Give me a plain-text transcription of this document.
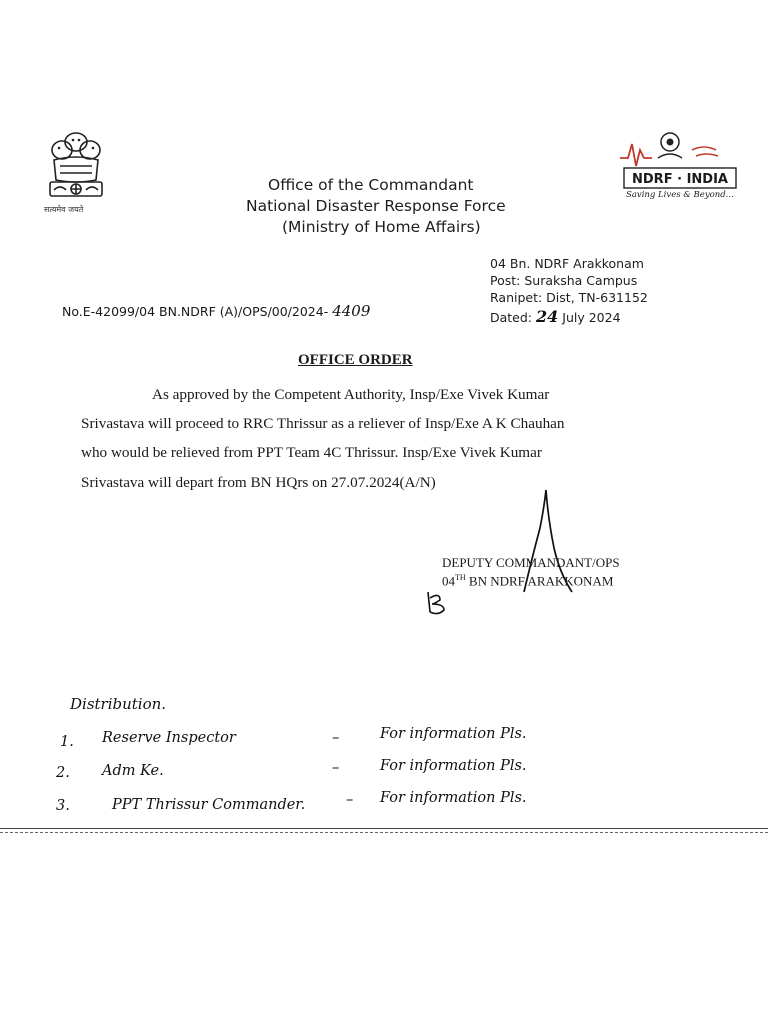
सत्यमेव जयते
Office of the Commandant
National Disaster Response Force
(Ministry of Home Affairs)
NDRF · INDIA
Saving Lives & Beyond...
04 Bn. NDRF Arakkonam
Post: Suraksha Campus
Ranipet: Dist, TN-631152
Dated: 24 July 2024
No.E-42099/04 BN.NDRF (A)/OPS/00/2024- 4409
OFFICE ORDER
As approved by the Competent Authority, Insp/Exe Vivek Kumar
Srivastava will proceed to RRC Thrissur as a reliever of Insp/Exe A K Chauhan
who would be relieved from PPT Team 4C Thrissur. Insp/Exe Vivek Kumar
Srivastava will depart from BN HQrs on 27.07.2024(A/N)
DEPUTY COMMANDANT/OPS
04TH BN NDRF ARAKKONAM
Distribution.
1. Reserve Inspector	–	For information Pls.
2. Adm Ke.	–	For information Pls.
3.	PPT Thrissur Commander.	– For information Pls.
